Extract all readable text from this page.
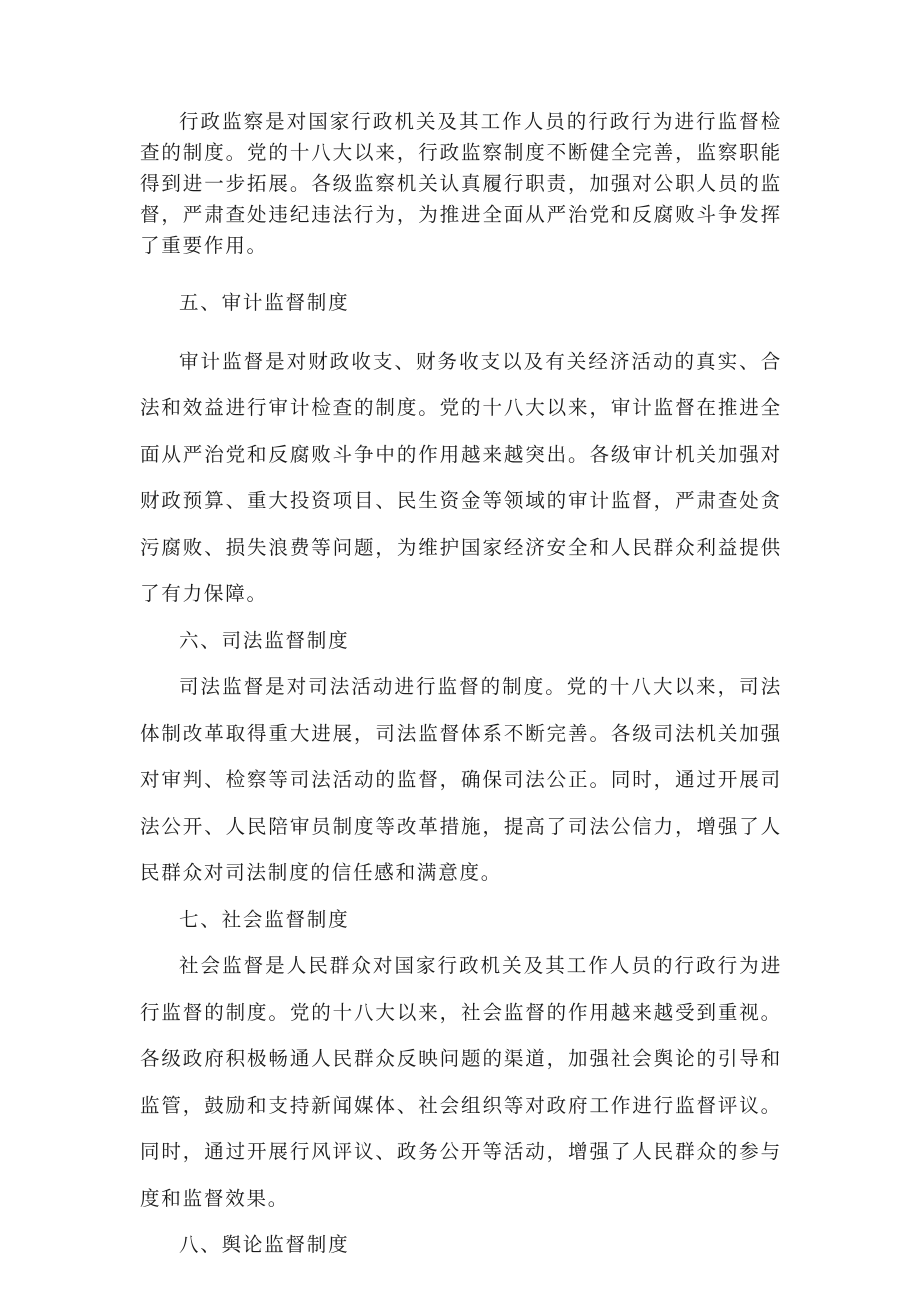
行政监察是对国家行政机关及其工作人员的行政行为进行监督检查的制度。党的十八大以来，行政监察制度不断健全完善，监察职能得到进一步拓展。各级监察机关认真履行职责，加强对公职人员的监督，严肃查处违纪违法行为，为推进全面从严治党和反腐败斗争发挥了重要作用。

五、审计监督制度

审计监督是对财政收支、财务收支以及有关经济活动的真实、合法和效益进行审计检查的制度。党的十八大以来，审计监督在推进全面从严治党和反腐败斗争中的作用越来越突出。各级审计机关加强对财政预算、重大投资项目、民生资金等领域的审计监督，严肃查处贪污腐败、损失浪费等问题，为维护国家经济安全和人民群众利益提供了有力保障。

六、司法监督制度

司法监督是对司法活动进行监督的制度。党的十八大以来，司法体制改革取得重大进展，司法监督体系不断完善。各级司法机关加强对审判、检察等司法活动的监督，确保司法公正。同时，通过开展司法公开、人民陪审员制度等改革措施，提高了司法公信力，增强了人民群众对司法制度的信任感和满意度。

七、社会监督制度

社会监督是人民群众对国家行政机关及其工作人员的行政行为进行监督的制度。党的十八大以来，社会监督的作用越来越受到重视。各级政府积极畅通人民群众反映问题的渠道，加强社会舆论的引导和监管，鼓励和支持新闻媒体、社会组织等对政府工作进行监督评议。同时，通过开展行风评议、政务公开等活动，增强了人民群众的参与度和监督效果。

八、舆论监督制度
